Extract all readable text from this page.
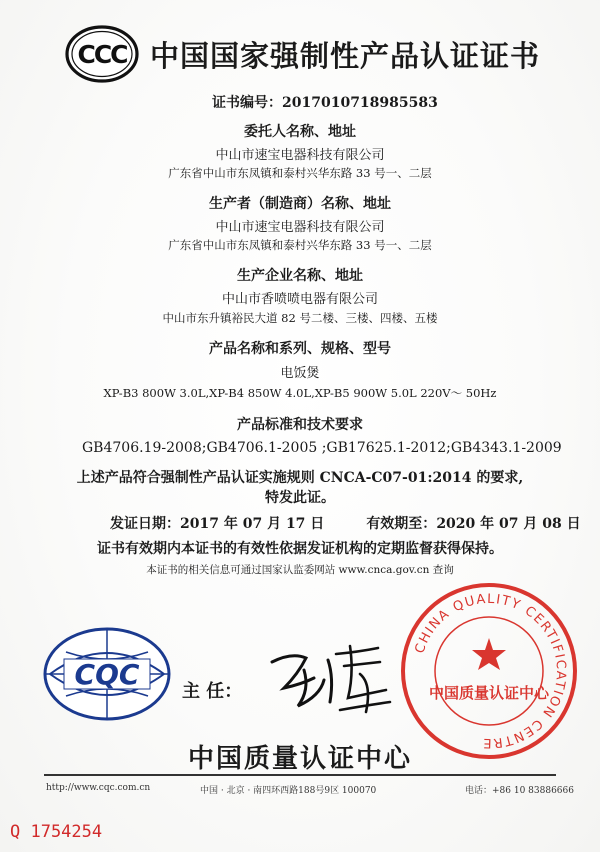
CCC 中国国家强制性产品认证证书
证书编号：2017010718985583
委托人名称、地址
中山市速宝电器科技有限公司
广东省中山市东凤镇和泰村兴华东路 33 号一、二层
生产者（制造商）名称、地址
中山市速宝电器科技有限公司
广东省中山市东凤镇和泰村兴华东路 33 号一、二层
生产企业名称、地址
中山市香喷喷电器有限公司
中山市东升镇裕民大道 82 号二楼、三楼、四楼、五楼
产品名称和系列、规格、型号
电饭煲
XP-B3 800W 3.0L,XP-B4 850W 4.0L,XP-B5 900W 5.0L 220V～ 50Hz
产品标准和技术要求
GB4706.19-2008;GB4706.1-2005 ;GB17625.1-2012;GB4343.1-2009
上述产品符合强制性产品认证实施规则 CNCA-C07-01:2014 的要求,
特发此证。
发证日期：2017 年 07 月 17 日	有效期至：2020 年 07 月 08 日
证书有效期内本证书的有效性依据发证机构的定期监督获得保持。
本证书的相关信息可通过国家认监委网站 www.cnca.gov.cn 查询
CQC
主 任：
CHINA QUALITY CERTIFICATION CENTRE
中国质量认证中心
中国质量认证中心
http://www.cqc.com.cn	中国 · 北京 · 南四环西路188号9区 100070	电话：+86 10 83886666
Q 1754254
